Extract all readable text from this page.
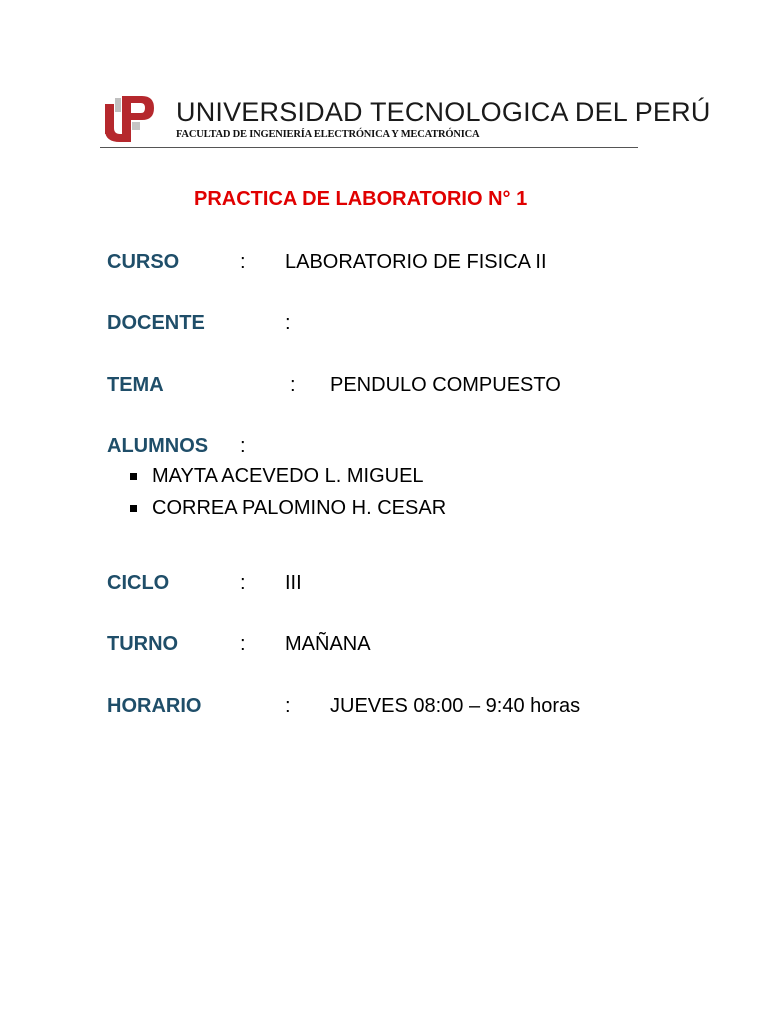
UNIVERSIDAD TECNOLOGICA DEL PERÚ
FACULTAD DE INGENIERÍA ELECTRÓNICA Y MECATRÓNICA
PRACTICA DE LABORATORIO N° 1
CURSO	: LABORATORIO DE FISICA II
DOCENTE	:
TEMA	: PENDULO COMPUESTO
ALUMNOS :
MAYTA ACEVEDO L. MIGUEL
CORREA PALOMINO H. CESAR
CICLO	: III
TURNO	: MAÑANA
HORARIO	: JUEVES 08:00 – 9:40 horas
